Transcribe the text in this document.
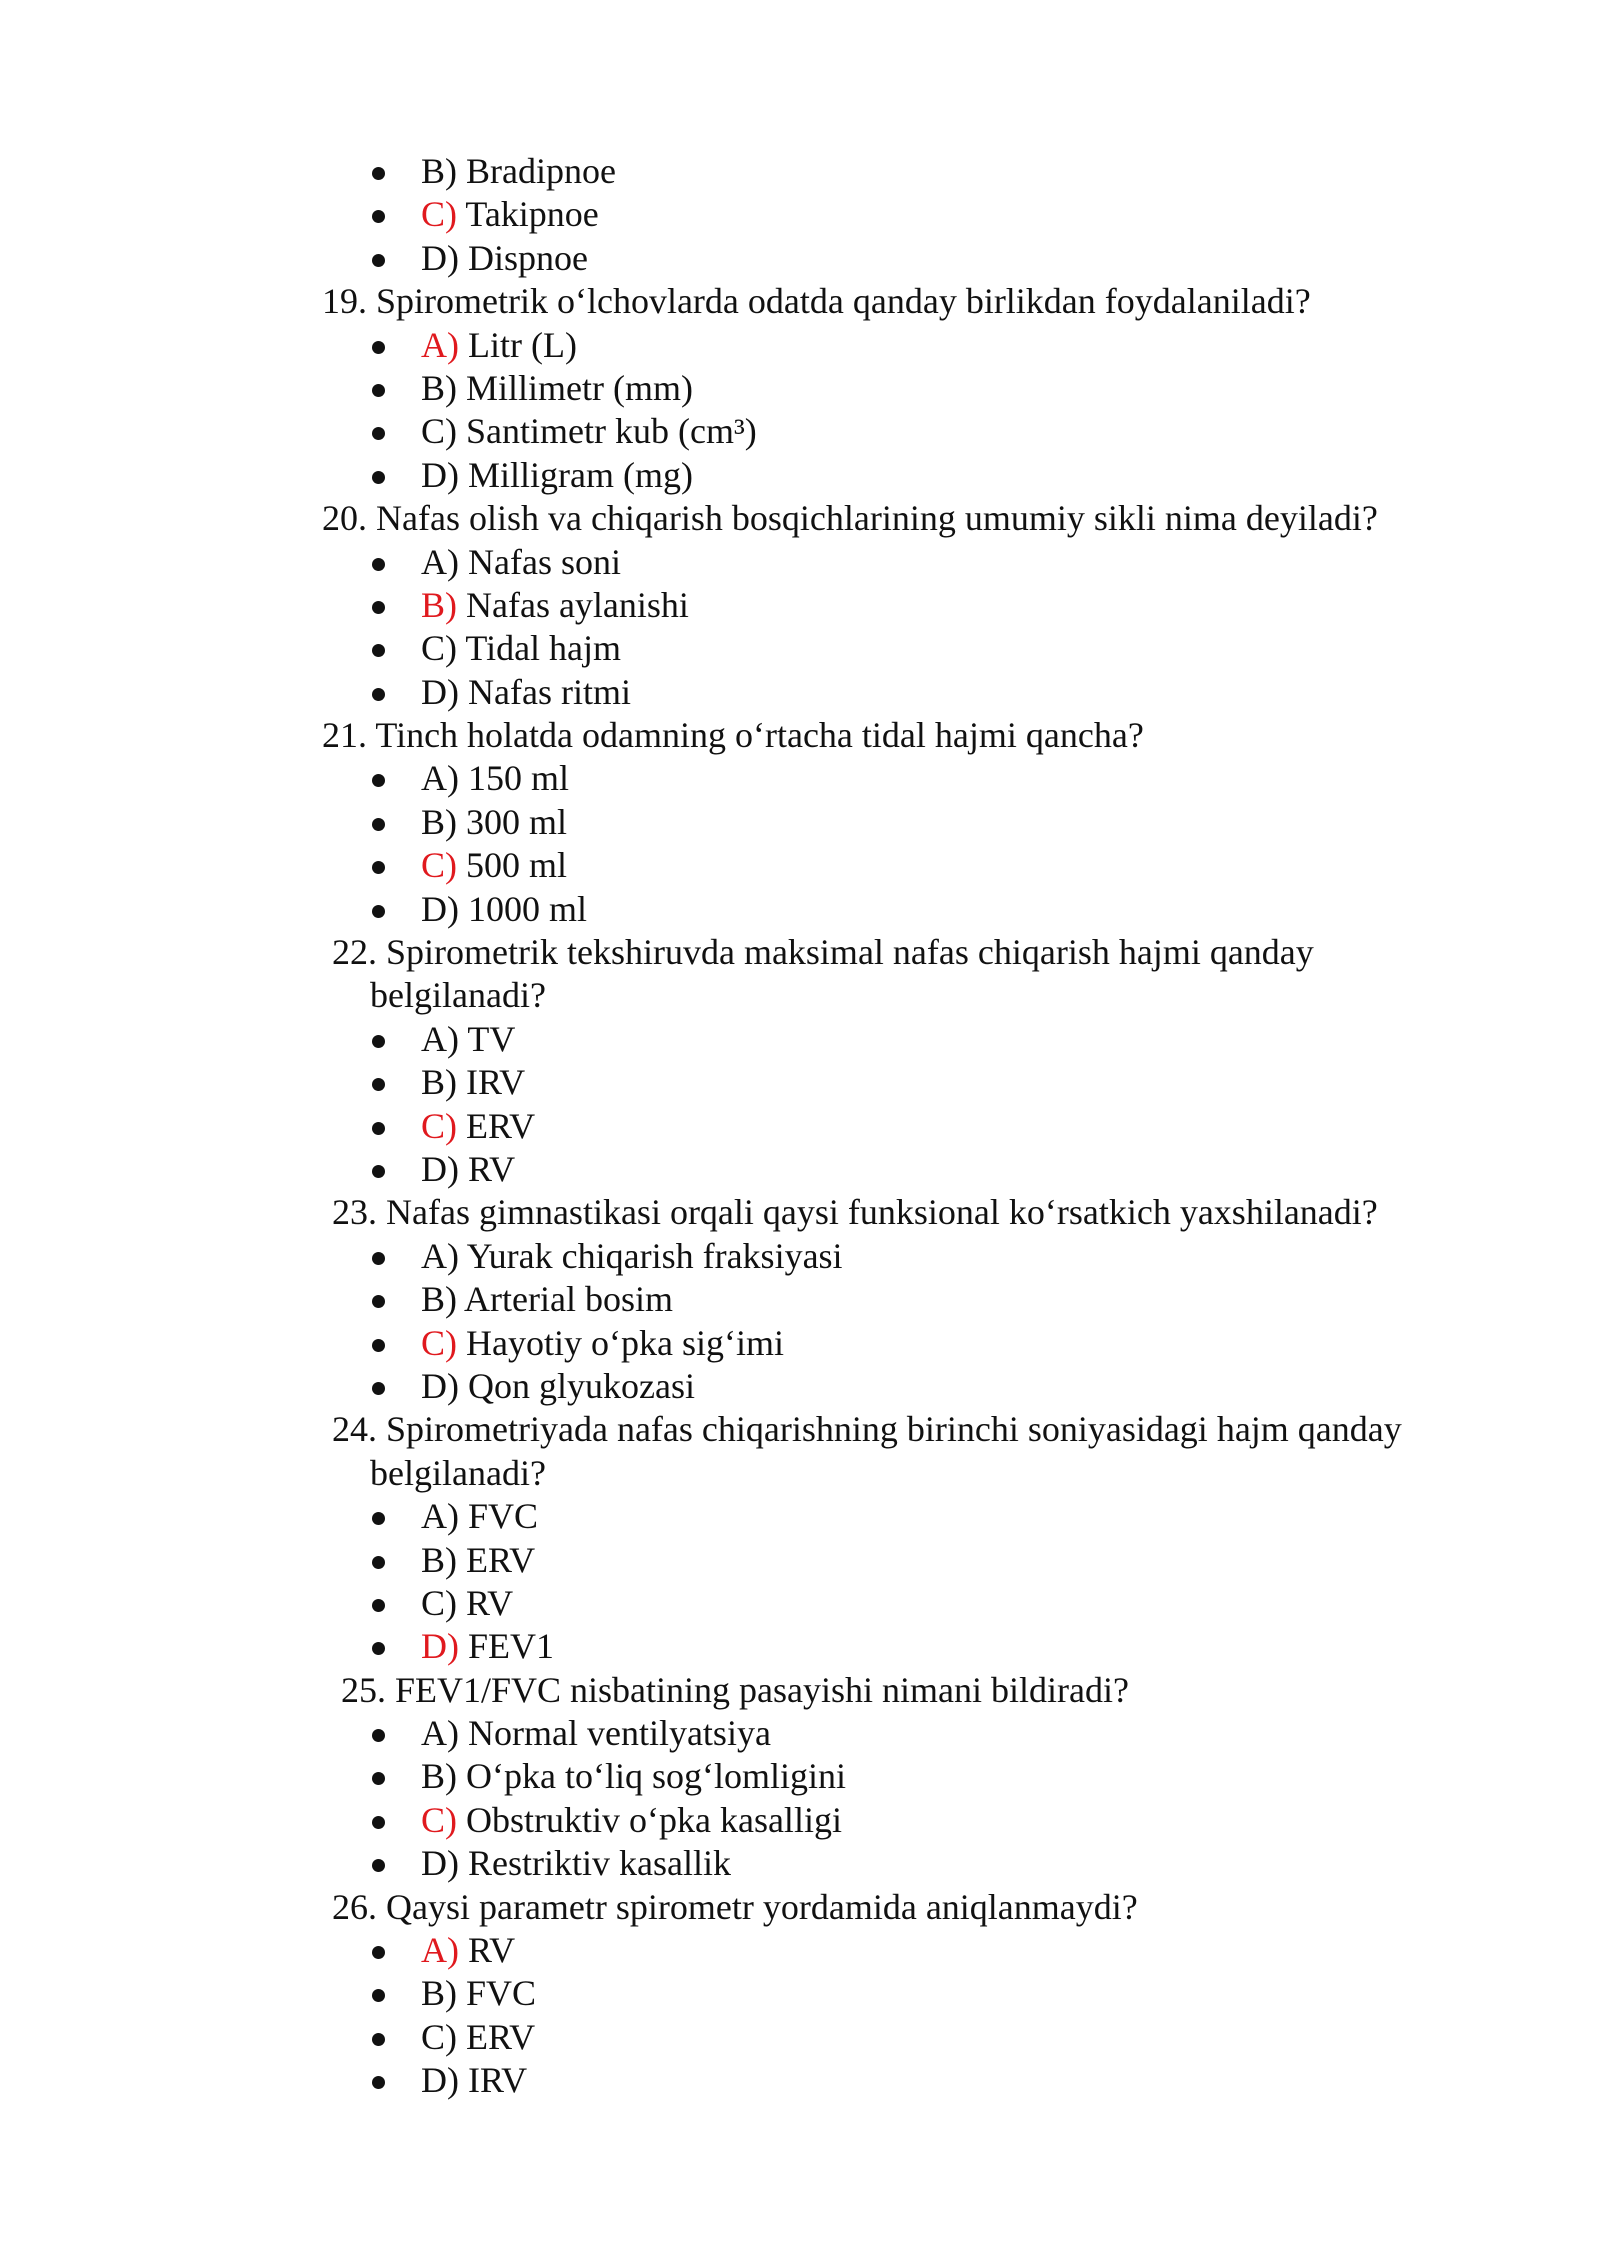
B) Bradipnoe
C) Takipnoe
D) Dispnoe
19. Spirometrik o‘lchovlarda odatda qanday birlikdan foydalaniladi?
A) Litr (L)
B) Millimetr (mm)
C) Santimetr kub (cm³)
D) Milligram (mg)
20. Nafas olish va chiqarish bosqichlarining umumiy sikli nima deyiladi?
A) Nafas soni
B) Nafas aylanishi
C) Tidal hajm
D) Nafas ritmi
21. Tinch holatda odamning o‘rtacha tidal hajmi qancha?
A) 150 ml
B) 300 ml
C) 500 ml
D) 1000 ml
22. Spirometrik tekshiruvda maksimal nafas chiqarish hajmi qanday
belgilanadi?
A) TV
B) IRV
C) ERV
D) RV
23. Nafas gimnastikasi orqali qaysi funksional ko‘rsatkich yaxshilanadi?
A) Yurak chiqarish fraksiyasi
B) Arterial bosim
C) Hayotiy o‘pka sig‘imi
D) Qon glyukozasi
24. Spirometriyada nafas chiqarishning birinchi soniyasidagi hajm qanday
belgilanadi?
A) FVC
B) ERV
C) RV
D) FEV1
25. FEV1/FVC nisbatining pasayishi nimani bildiradi?
A) Normal ventilyatsiya
B) O‘pka to‘liq sog‘lomligini
C) Obstruktiv o‘pka kasalligi
D) Restriktiv kasallik
26. Qaysi parametr spirometr yordamida aniqlanmaydi?
A) RV
B) FVC
C) ERV
D) IRV
